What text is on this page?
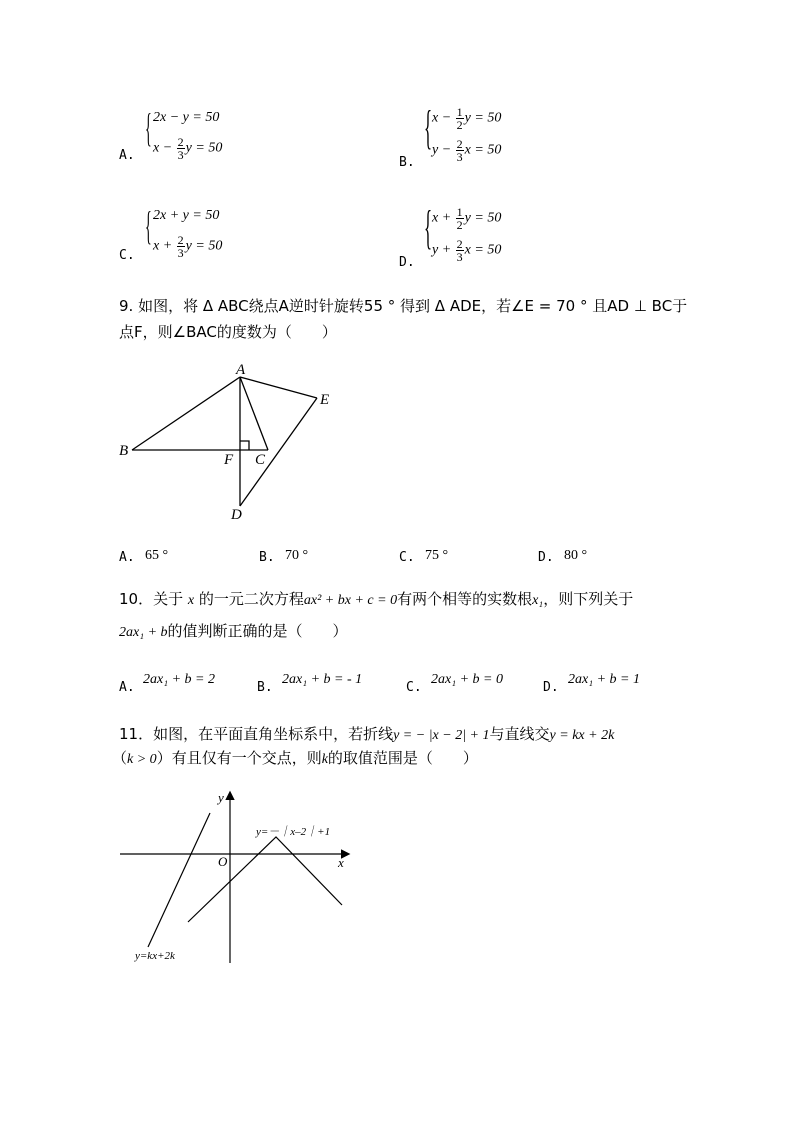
A.
{ 2x − y = 50
$x - \frac{2}{3}$ y = 50
B.
{ $x - \frac{1}{2}$ y = 50
$y - \frac{2}{3}$ x = 50
C.
{ 2x + y = 50
$x + \frac{2}{3}$ y = 50
D.
{ $x + \frac{1}{2}$ y = 50
$y + \frac{2}{3}$ x = 50
9. 如图，将 Δ ABC绕点A逆时针旋转55 ° 得到 Δ ADE，若∠E = 70 ° 且AD ⊥ BC于
点F，则∠BAC的度数为（　　）
A
B
C
D
E
F
A. 65 °	B. 70 °	C. 75 °	D. 80 °
10．关于 x 的一元二次方程ax² + bx + c = 0有两个相等的实数根x₁，则下列关于
2ax₁ + b的值判断正确的是（　　）
A.
2ax₁ + b = 2
B.
2ax₁ + b = - 1
C.
2ax₁ + b = 0
D.
2ax₁ + b = 1
11．如图，在平面直角坐标系中，若折线y = − |x − 2| + 1与直线交y = kx + 2k
（k > 0）有且仅有一个交点，则k的取值范围是（　　）
y
x
O
y=－｜x–2｜+1
y=kx+2k
